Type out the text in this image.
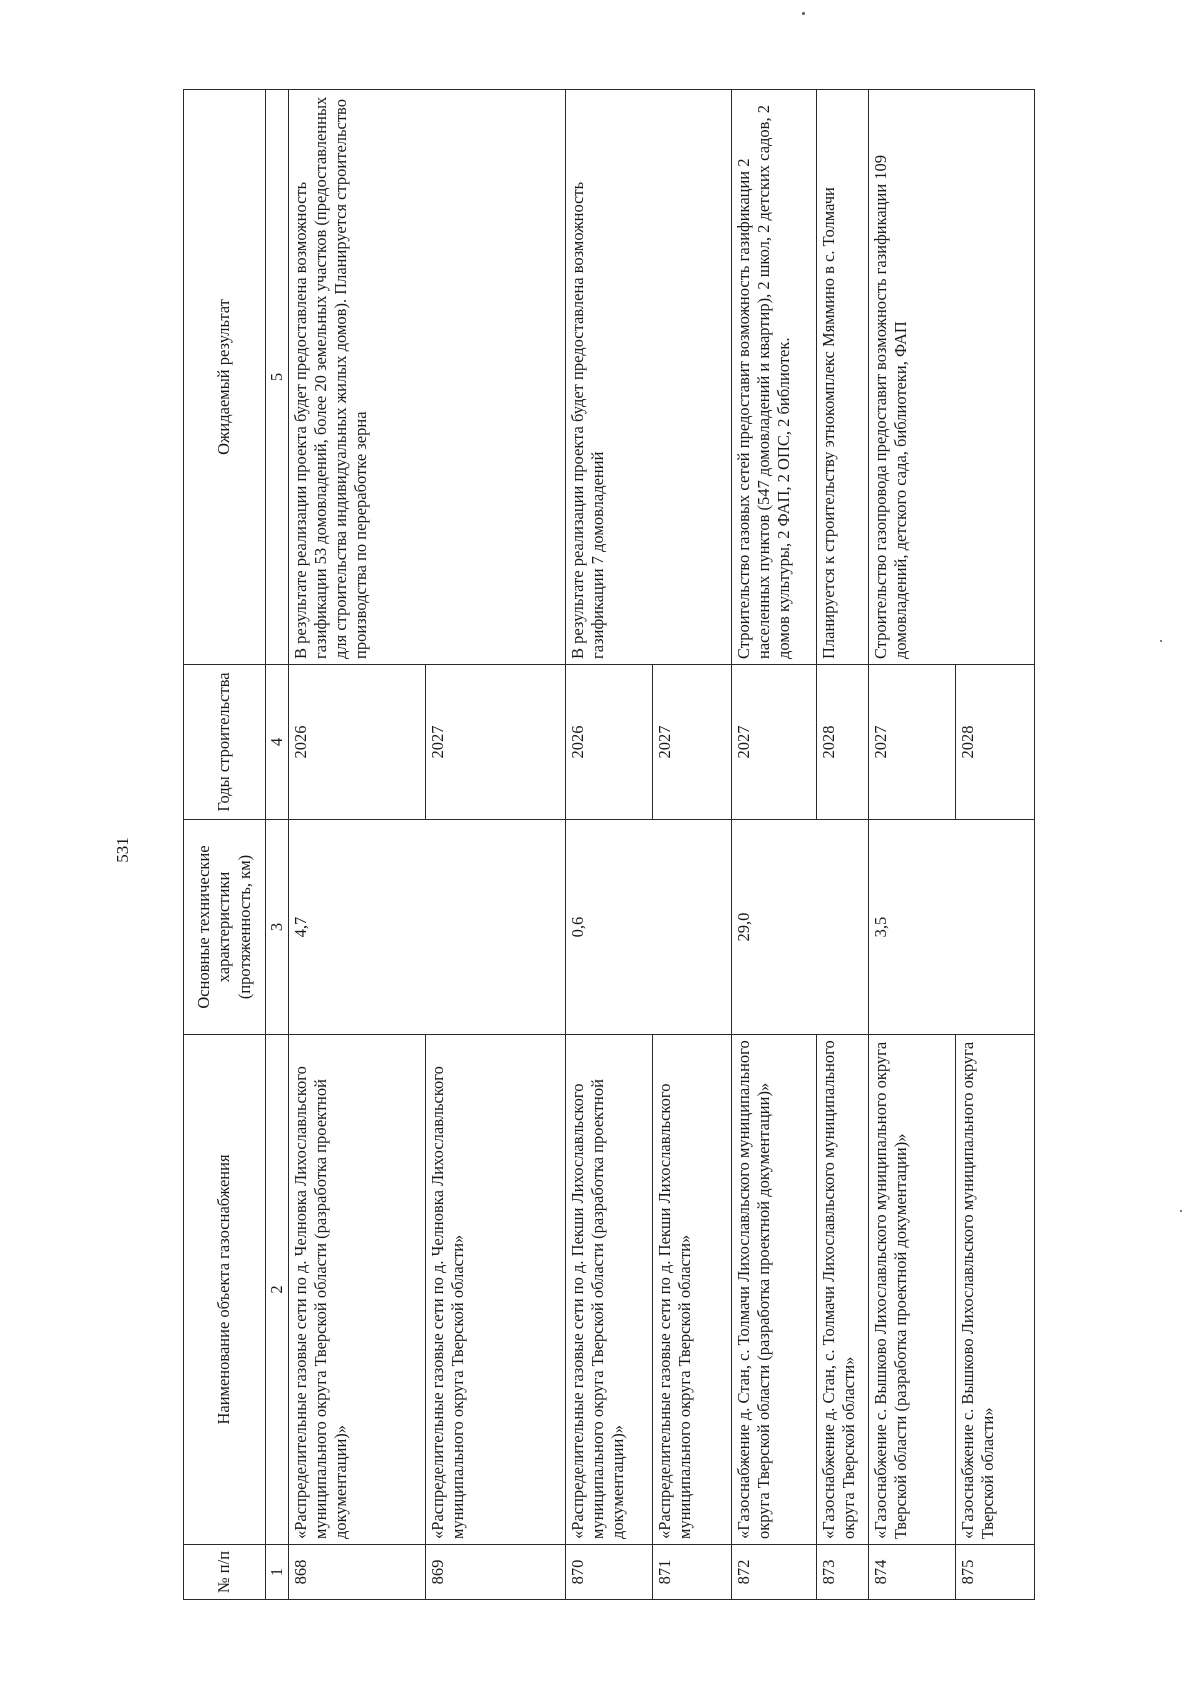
531
№ п/п	Наименование объекта газоснабжения	Основные технические характеристики (протяженность, км)	Годы строительства	Ожидаемый результат
1	2	3	4	5
868	«Распределительные газовые сети по д. Челновка Лихославльского муниципального округа Тверской области (разработка проектной документации)»	4,7	2026	В результате реализации проекта будет предоставлена возможность газификации 53 домовладений, более 20 земельных участков (предоставленных для строительства индивидуальных жилых домов). Планируется строительство производства по переработке зерна
869	«Распределительные газовые сети по д. Челновка Лихославльского муниципального округа Тверской области»		2027	
870	«Распределительные газовые сети по д. Пекши Лихославльского муниципального округа Тверской области (разработка проектной документации)»	0,6	2026	В результате реализации проекта будет предоставлена возможность газификации 7 домовладений
871	«Распределительные газовые сети по д. Пекши Лихославльского муниципального округа Тверской области»		2027	
872	«Газоснабжение д. Стан, с. Толмачи Лихославльского муниципального округа Тверской области (разработка проектной документации)»	29,0	2027	Строительство газовых сетей предоставит возможность газификации 2 населенных пунктов (547 домовладений и квартир), 2 школ, 2 детских садов, 2 домов культуры, 2 ФАП, 2 ОПС, 2 библиотек.
873	«Газоснабжение д. Стан, с. Толмачи Лихославльского муниципального округа Тверской области»		2028	Планируется к строительству этнокомплекс Мяммино в с. Толмачи
874	«Газоснабжение с. Вышково Лихославльского муниципального округа Тверской области (разработка проектной документации)»	3,5	2027	Строительство газопровода предоставит возможность газификации 109 домовладений, детского сада, библиотеки, ФАП
875	«Газоснабжение с. Вышково Лихославльского муниципального округа Тверской области»		2028	
